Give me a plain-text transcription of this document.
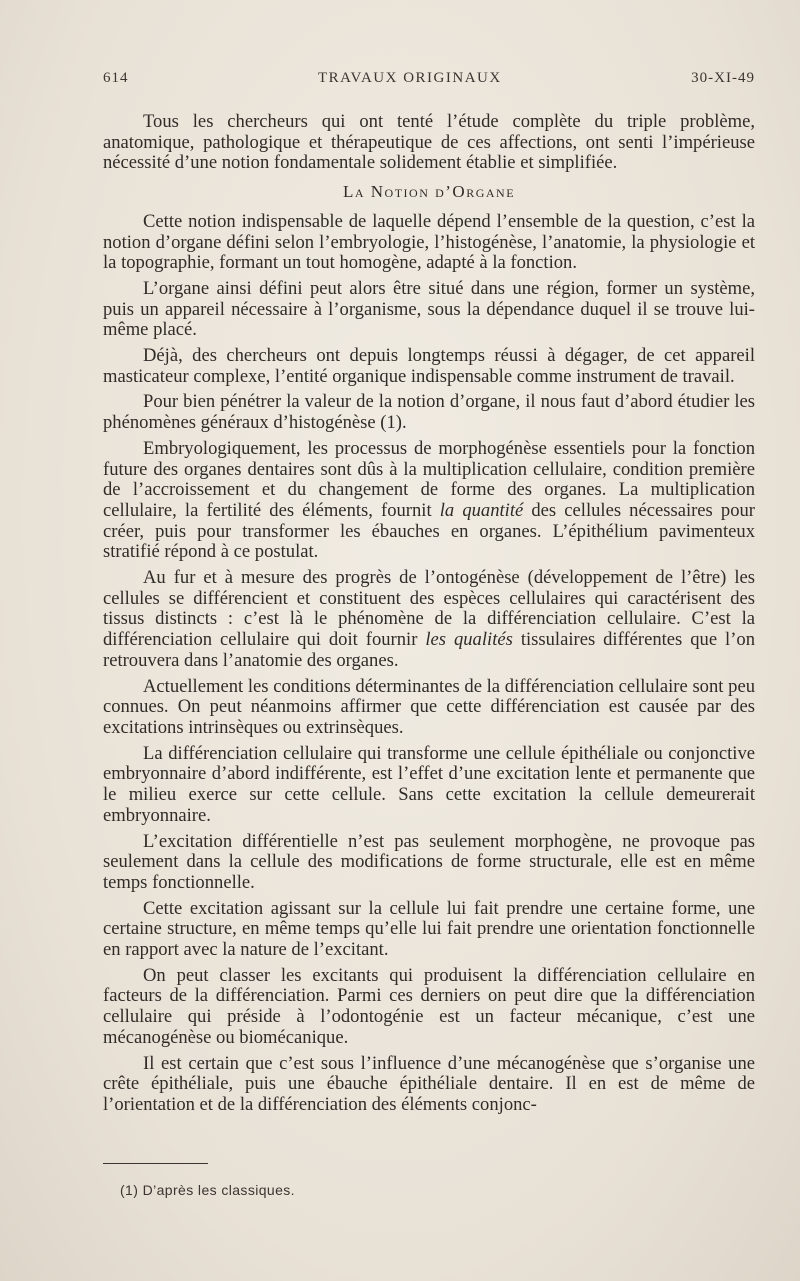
614	TRAVAUX ORIGINAUX	30-XI-49

Tous les chercheurs qui ont tenté l’étude complète du triple problème, anatomique, pathologique et thérapeutique de ces affections, ont senti l’impérieuse nécessité d’une notion fondamentale solidement établie et simplifiée.

La Notion d’Organe

Cette notion indispensable de laquelle dépend l’ensemble de la question, c’est la notion d’organe défini selon l’embryologie, l’histogénèse, l’anatomie, la physiologie et la topographie, formant un tout homogène, adapté à la fonction.

L’organe ainsi défini peut alors être situé dans une région, former un système, puis un appareil nécessaire à l’organisme, sous la dépendance duquel il se trouve lui-même placé.

Déjà, des chercheurs ont depuis longtemps réussi à dégager, de cet appareil masticateur complexe, l’entité organique indispensable comme instrument de travail.

Pour bien pénétrer la valeur de la notion d’organe, il nous faut d’abord étudier les phénomènes généraux d’histogénèse (1).

Embryologiquement, les processus de morphogénèse essentiels pour la fonction future des organes dentaires sont dûs à la multiplication cellulaire, condition première de l’accroissement et du changement de forme des organes. La multiplication cellulaire, la fertilité des éléments, fournit la quantité des cellules nécessaires pour créer, puis pour transformer les ébauches en organes. L’épithélium pavimenteux stratifié répond à ce postulat.

Au fur et à mesure des progrès de l’ontogénèse (développement de l’être) les cellules se différencient et constituent des espèces cellulaires qui caractérisent des tissus distincts : c’est là le phénomène de la différenciation cellulaire. C’est la différenciation cellulaire qui doit fournir les qualités tissulaires différentes que l’on retrouvera dans l’anatomie des organes.

Actuellement les conditions déterminantes de la différenciation cellulaire sont peu connues. On peut néanmoins affirmer que cette différenciation est causée par des excitations intrinsèques ou extrinsèques.

La différenciation cellulaire qui transforme une cellule épithéliale ou conjonctive embryonnaire d’abord indifférente, est l’effet d’une excitation lente et permanente que le milieu exerce sur cette cellule. Sans cette excitation la cellule demeurerait embryonnaire.

L’excitation différentielle n’est pas seulement morphogène, ne provoque pas seulement dans la cellule des modifications de forme structurale, elle est en même temps fonctionnelle.

Cette excitation agissant sur la cellule lui fait prendre une certaine forme, une certaine structure, en même temps qu’elle lui fait prendre une orientation fonctionnelle en rapport avec la nature de l’excitant.

On peut classer les excitants qui produisent la différenciation cellulaire en facteurs de la différenciation. Parmi ces derniers on peut dire que la différenciation cellulaire qui préside à l’odontogénie est un facteur mécanique, c’est une mécanogénèse ou biomécanique.

Il est certain que c’est sous l’influence d’une mécanogénèse que s’organise une crête épithéliale, puis une ébauche épithéliale dentaire. Il en est de même de l’orientation et de la différenciation des éléments conjonc-

(1) D’après les classiques.
